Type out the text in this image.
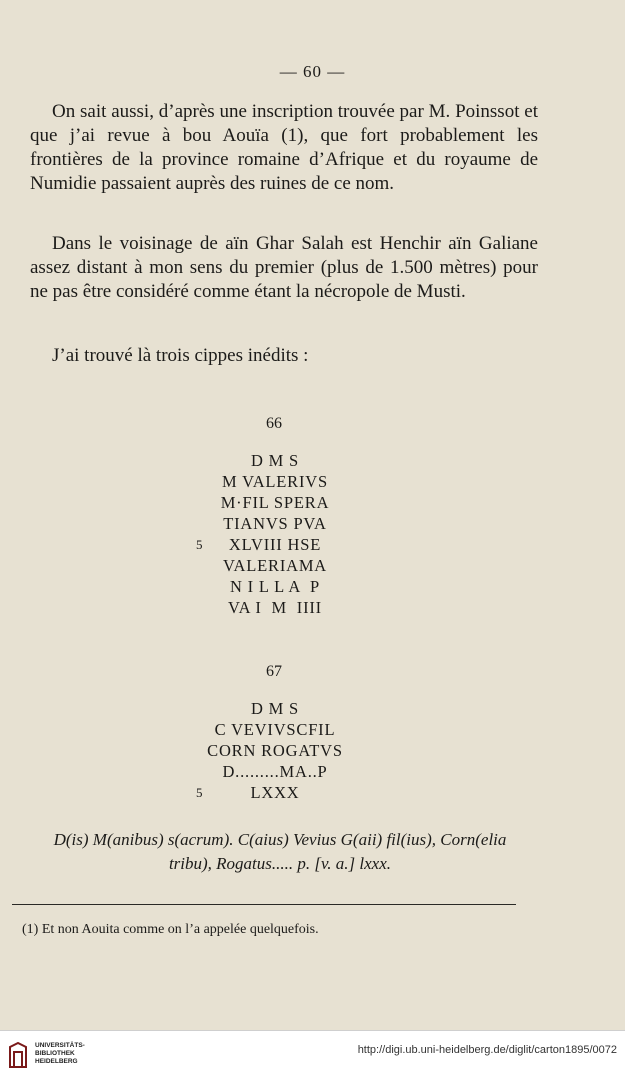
— 60 —

On sait aussi, d’après une inscription trouvée par M. Poinssot et que j’ai revue à bou Aouïa (1), que fort probablement les frontières de la province romaine d’Afrique et du royaume de Numidie passaient auprès des ruines de ce nom.

Dans le voisinage de aïn Ghar Salah est Henchir aïn Galiane assez distant à mon sens du premier (plus de 1.500 mètres) pour ne pas être considéré comme étant la nécropole de Musti.

J’ai trouvé là trois cippes inédits :

66
D M S
M VALERIVS
M·FIL SPERA
TIANVS PVA
5 XLVIII HSE
VALERIAMA
N I L L A  P
VA I  M  IIII
67
D M S
C VEVIVSCFIL
CORN ROGATVS
D.........MA..P
5	LXXX
D(is) M(anibus) s(acrum). C(aius) Vevius G(aii) fil(ius), Corn(elia
tribu), Rogatus..... p. [v. a.] lxxx.

(1) Et non Aouita comme on l’a appelée quelquefois.

UNIVERSITÄTS-
BIBLIOTHEK
HEIDELBERG
http://digi.ub.uni-heidelberg.de/diglit/carton1895/0072
